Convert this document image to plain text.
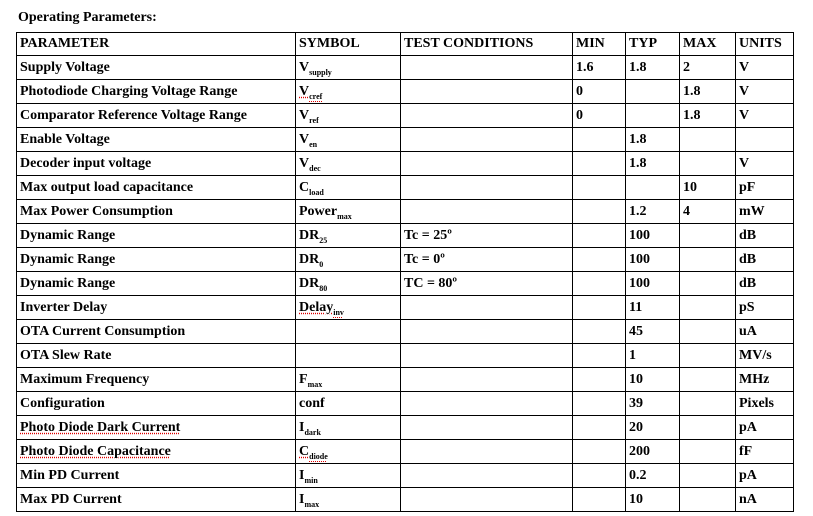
Operating Parameters:
PARAMETER	SYMBOL	TEST CONDITIONS	MIN	TYP	MAX	UNITS
Supply Voltage	$V_{supply}$		1.6	1.8	2	V
Photodiode Charging Voltage Range	$V_{cref}$		0		1.8	V
Comparator Reference Voltage Range	$V_{ref}$		0		1.8	V
Enable Voltage	$V_{en}$			1.8		
Decoder input voltage	$V_{dec}$			1.8		V
Max output load capacitance	$C_{load}$				10	pF
Max Power Consumption	Power$_{max}$			1.2	4	mW
Dynamic Range	$DR_{25}$	Tc = 25º		100		dB
Dynamic Range	$DR_0$	Tc = 0º		100		dB
Dynamic Range	$DR_{80}$	TC = 80º		100		dB
Inverter Delay	Delay$_{inv}$			11		pS
OTA Current Consumption				45		uA
OTA Slew Rate				1		MV/s
Maximum Frequency	$F_{max}$			10		MHz
Configuration	conf			39		Pixels
Photo Diode Dark Current	$I_{dark}$			20		pA
Photo Diode Capacitance	$C_{diode}$			200		fF
Min PD Current	$I_{min}$			0.2		pA
Max PD Current	$I_{max}$			10		nA
